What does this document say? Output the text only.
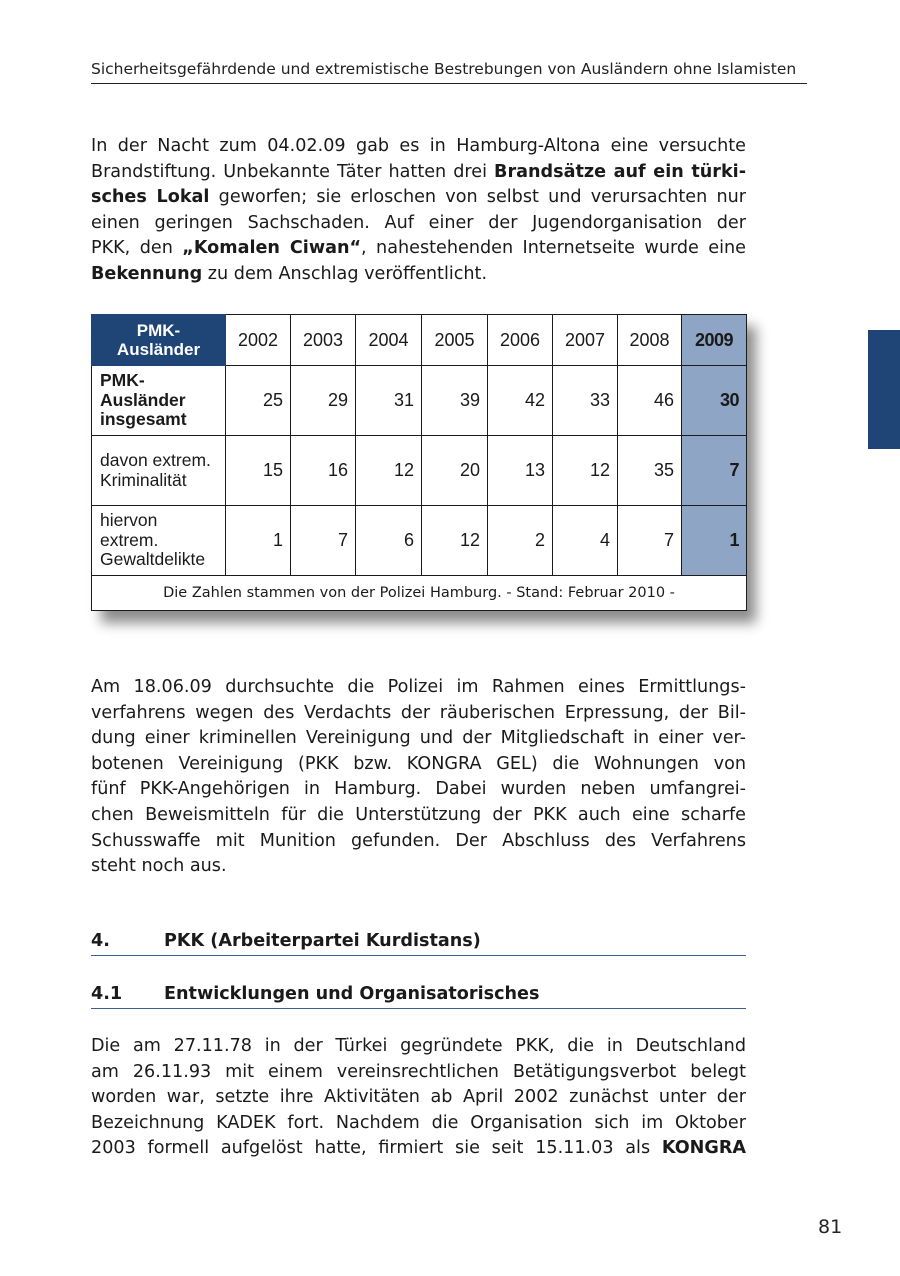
Sicherheitsgefährdende und extremistische Bestrebungen von Ausländern ohne Islamisten

In der Nacht zum 04.02.09 gab es in Hamburg-Altona eine versuchte
Brandstiftung. Unbekannte Täter hatten drei Brandsätze auf ein türki-
sches Lokal geworfen; sie erloschen von selbst und verursachten nur
einen geringen Sachschaden. Auf einer der Jugendorganisation der
PKK, den „Komalen Ciwan“, nahestehenden Internetseite wurde eine
Bekennung zu dem Anschlag veröffentlicht.

PMK-Ausländer	2002	2003	2004	2005	2006	2007	2008	2009
PMK-Ausländer insgesamt	25	29	31	39	42	33	46	30
davon extrem. Kriminalität	15	16	12	20	13	12	35	7
hiervon extrem. Gewaltdelikte	1	7	6	12	2	4	7	1
Die Zahlen stammen von der Polizei Hamburg. - Stand: Februar 2010 -								

Am 18.06.09 durchsuchte die Polizei im Rahmen eines Ermittlungs-
verfahrens wegen des Verdachts der räuberischen Erpressung, der Bil-
dung einer kriminellen Vereinigung und der Mitgliedschaft in einer ver-
botenen Vereinigung (PKK bzw. KONGRA GEL) die Wohnungen von
fünf PKK-Angehörigen in Hamburg. Dabei wurden neben umfangrei-
chen Beweismitteln für die Unterstützung der PKK auch eine scharfe
Schusswaffe mit Munition gefunden. Der Abschluss des Verfahrens
steht noch aus.

4.	PKK (Arbeiterpartei Kurdistans)
4.1 Entwicklungen und Organisatorisches

Die am 27.11.78 in der Türkei gegründete PKK, die in Deutschland
am 26.11.93 mit einem vereinsrechtlichen Betätigungsverbot belegt
worden war, setzte ihre Aktivitäten ab April 2002 zunächst unter der
Bezeichnung KADEK fort. Nachdem die Organisation sich im Oktober
2003 formell aufgelöst hatte, firmiert sie seit 15.11.03 als KONGRA

81
